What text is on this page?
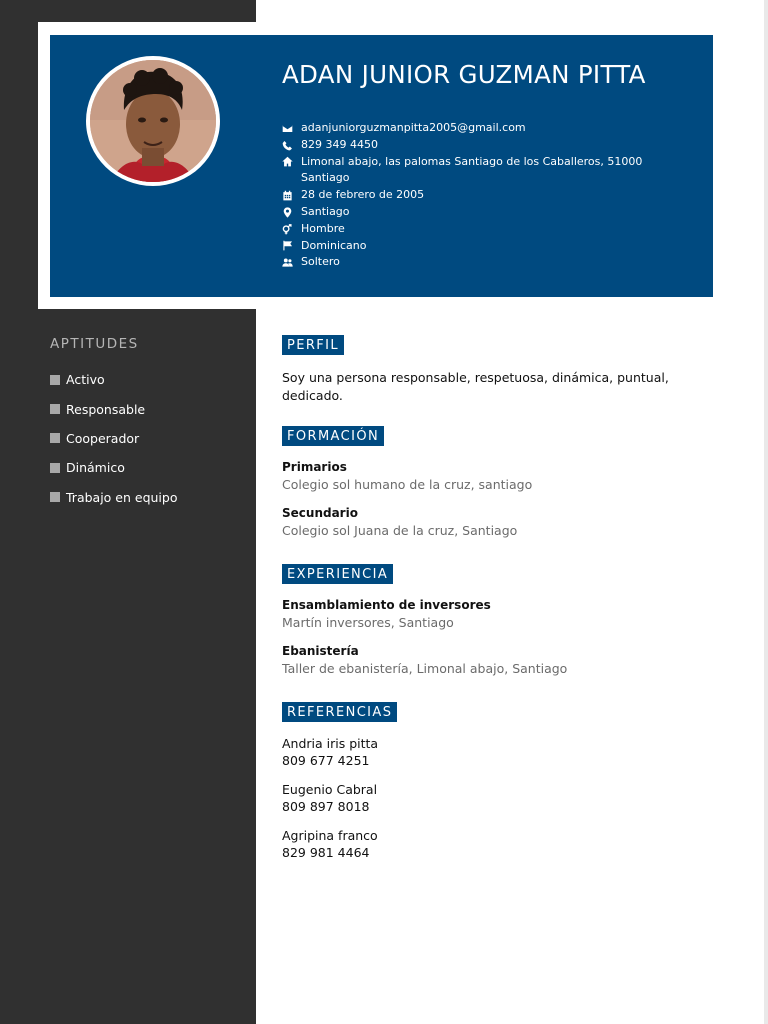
ADAN JUNIOR GUZMAN PITTA
adanjuniorguzmanpitta2005@gmail.com
829 349 4450
Limonal abajo, las palomas Santiago de los Caballeros, 51000 Santiago
28 de febrero de 2005
Santiago
Hombre
Dominicano
Soltero
APTITUDES
Activo
Responsable
Cooperador
Dinámico
Trabajo en equipo
PERFIL
Soy una persona responsable, respetuosa, dinámica, puntual, dedicado.
FORMACIÓN
Primarios
Colegio sol humano de la cruz, santiago
Secundario
Colegio sol Juana de la cruz, Santiago
EXPERIENCIA
Ensamblamiento de inversores
Martín inversores, Santiago
Ebanistería
Taller de ebanistería, Limonal abajo, Santiago
REFERENCIAS
Andria iris pitta
809 677 4251
Eugenio Cabral
809 897 8018
Agripina franco
829 981 4464
